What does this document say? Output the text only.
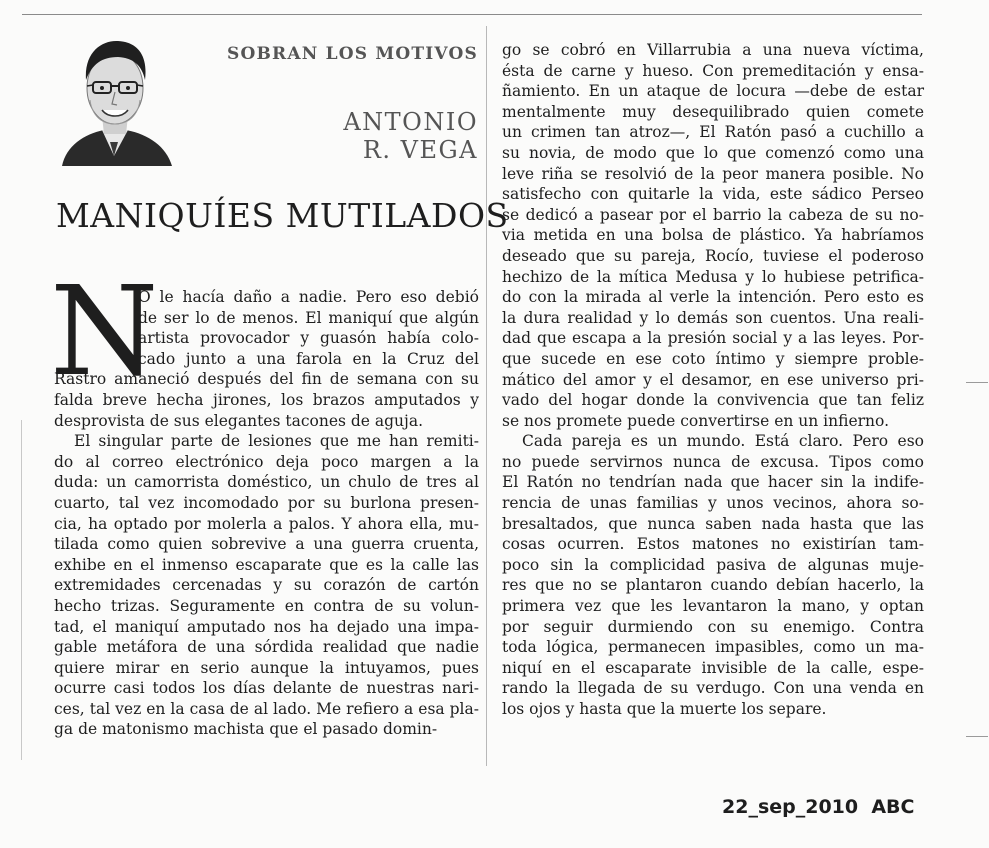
SOBRAN LOS MOTIVOS
ANTONIO
R. VEGA
MANIQUÍES MUTILADOS
N
O le hacía daño a nadie. Pero eso debió
de ser lo de menos. El maniquí que algún
artista provocador y guasón había colo-
cado junto a una farola en la Cruz del
Rastro amaneció después del fin de semana con su
falda breve hecha jirones, los brazos amputados y
desprovista de sus elegantes tacones de aguja.
El singular parte de lesiones que me han remiti-
do al correo electrónico deja poco margen a la
duda: un camorrista doméstico, un chulo de tres al
cuarto, tal vez incomodado por su burlona presen-
cia, ha optado por molerla a palos. Y ahora ella, mu-
tilada como quien sobrevive a una guerra cruenta,
exhibe en el inmenso escaparate que es la calle las
extremidades cercenadas y su corazón de cartón
hecho trizas. Seguramente en contra de su volun-
tad, el maniquí amputado nos ha dejado una impa-
gable metáfora de una sórdida realidad que nadie
quiere mirar en serio aunque la intuyamos, pues
ocurre casi todos los días delante de nuestras nari-
ces, tal vez en la casa de al lado. Me refiero a esa pla-
ga de matonismo machista que el pasado domin-
go se cobró en Villarrubia a una nueva víctima,
ésta de carne y hueso. Con premeditación y ensa-
ñamiento. En un ataque de locura —debe de estar
mentalmente muy desequilibrado quien comete
un crimen tan atroz—, El Ratón pasó a cuchillo a
su novia, de modo que lo que comenzó como una
leve riña se resolvió de la peor manera posible. No
satisfecho con quitarle la vida, este sádico Perseo
se dedicó a pasear por el barrio la cabeza de su no-
via metida en una bolsa de plástico. Ya habríamos
deseado que su pareja, Rocío, tuviese el poderoso
hechizo de la mítica Medusa y lo hubiese petrifica-
do con la mirada al verle la intención. Pero esto es
la dura realidad y lo demás son cuentos. Una reali-
dad que escapa a la presión social y a las leyes. Por-
que sucede en ese coto íntimo y siempre proble-
mático del amor y el desamor, en ese universo pri-
vado del hogar donde la convivencia que tan feliz
se nos promete puede convertirse en un infierno.
Cada pareja es un mundo. Está claro. Pero eso
no puede servirnos nunca de excusa. Tipos como
El Ratón no tendrían nada que hacer sin la indife-
rencia de unas familias y unos vecinos, ahora so-
bresaltados, que nunca saben nada hasta que las
cosas ocurren. Estos matones no existirían tam-
poco sin la complicidad pasiva de algunas muje-
res que no se plantaron cuando debían hacerlo, la
primera vez que les levantaron la mano, y optan
por seguir durmiendo con su enemigo. Contra
toda lógica, permanecen impasibles, como un ma-
niquí en el escaparate invisible de la calle, espe-
rando la llegada de su verdugo. Con una venda en
los ojos y hasta que la muerte los separe.
22_sep_2010  ABC
